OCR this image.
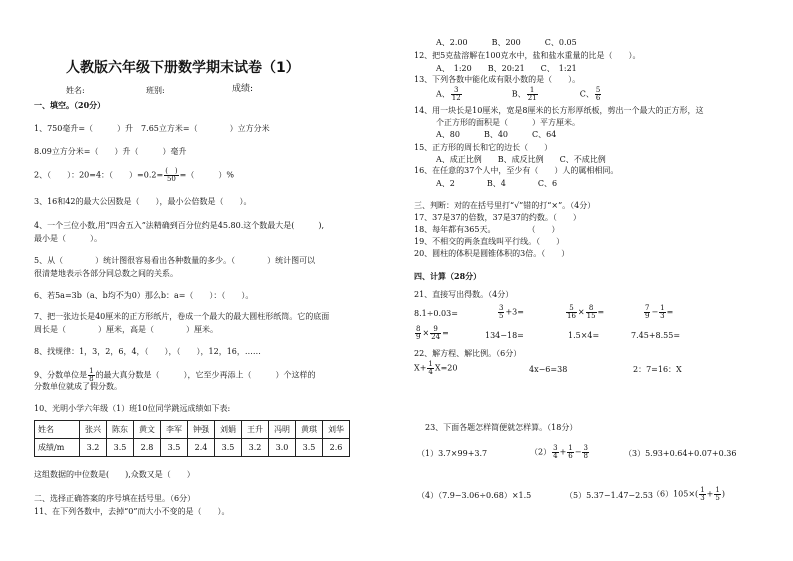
人教版六年级下册数学期末试卷（1）
姓名:	班别:	成绩:
一、填空。（20分）
1、750毫升=（　　　）升　7.65立方米=（　　　　）立方分米
8.09立方分米=（　　）升（　　　）毫升
2、（　　）：20=4：（　　）$=0.2= \frac{( )}{50}$ =（　　　）%
3、16和42的最大公因数是（　　），最小公倍数是（　　）。
4、一个三位小数,用“四舍五入”法精确到百分位约是45.80.这个数最大是(　　　),
最小是（　　　）。
5、从（　　　　）统计图很容易看出各种数量的多少。（　　　　）统计图可以
很清楚地表示各部分同总数之间的关系。
6、若5a=3b（a、b均不为0）那么b：a=（　　）：（　　）。
7、把一张边长是40厘米的正方形纸片，卷成一个最大的最大圆柱形纸筒。它的底面
周长是（　　　　）厘米，高是（　　　　）厘米。
8、找规律：1，3，2，6，4，（　　），（　　），12，16，……
9、分数单位是 $\frac{1}{8}$ 的最大真分数是（　　　），它至少再添上（　　　）个这样的
分数单位就成了假分数。
10、光明小学六年级（1）班10位同学跳远成绩如下表:
姓名	张兴	陈东	黄文	李军	钟强	刘娟	王升	冯明	黄琪	刘华
成绩/m	3.2	3.5	2.8	3.5	2.4	3.5	3.2	3.0	3.5	2.6
这组数据的中位数是(　　),众数又是（　　）
二、选择正确答案的序号填在括号里。（6分）
11、在下列各数中，去掉“0”而大小不变的是（　　）。
A、2.00　　　B、200　　　C、0.05
12、把5克盐溶解在100克水中，盐和盐水重量的比是（　　）。
A、　1:20　　B、20:21　　C、　1:21
13、下列各数中能化成有限小数的是（　　）。
A、 $\frac{3}{12}$	B、 $\frac{1}{21}$	C、 $\frac{5}{6}$
14、用一块长是10厘米，宽是8厘米的长方形厚纸板，剪出一个最大的正方形，这
个正方形的面积是（　　　）平方厘米。
A、80　　　B、40　　　C、64
15、正方形的周长和它的边长（　　）
A、成正比例　　B、成反比例　　C、不成比例
16、在任意的37个人中，至少有（　　）人的属相相同。
A、2　　　　B、4　　　　C、6
三、判断：对的在括号里打“√”错的打“×”。（4分）
17、37是37的倍数，37是37的约数。（　　）
18、每年都有365天。　　　　　（　　）
19、不相交的两条直线叫平行线。（　　）
20、圆柱的体积是圆锥体积的3倍。（　　）
四、计算（28分）
21、直接写出得数。（4分）
8.1÷0.03=	$\frac{3}{5} +3=$	$\frac{5}{16} \times \frac{8}{15}$ =	$\frac{7}{9} - \frac{1}{3}$ =
$\frac{8}{9} \times \frac{9}{24}$ =	134−18=	1.5×4=	7.45+8.55=
22、解方程、解比例。（6分）
$X+ \frac{1}{4} X=20$	4x−6=38	2：7=16：X
23、下面各题怎样简便就怎样算。（18分）
（1）3.7×99+3.7	$(2) \frac{3}{4} + \frac{1}{6} - \frac{3}{8}$	（3）5.93+0.64+0.07+0.36
（4）（7.9−3.06÷0.68）×1.5	（5）5.37−1.47−2.53 $(6)105\times( \frac{1}{3} + \frac{1}{5}$ )
